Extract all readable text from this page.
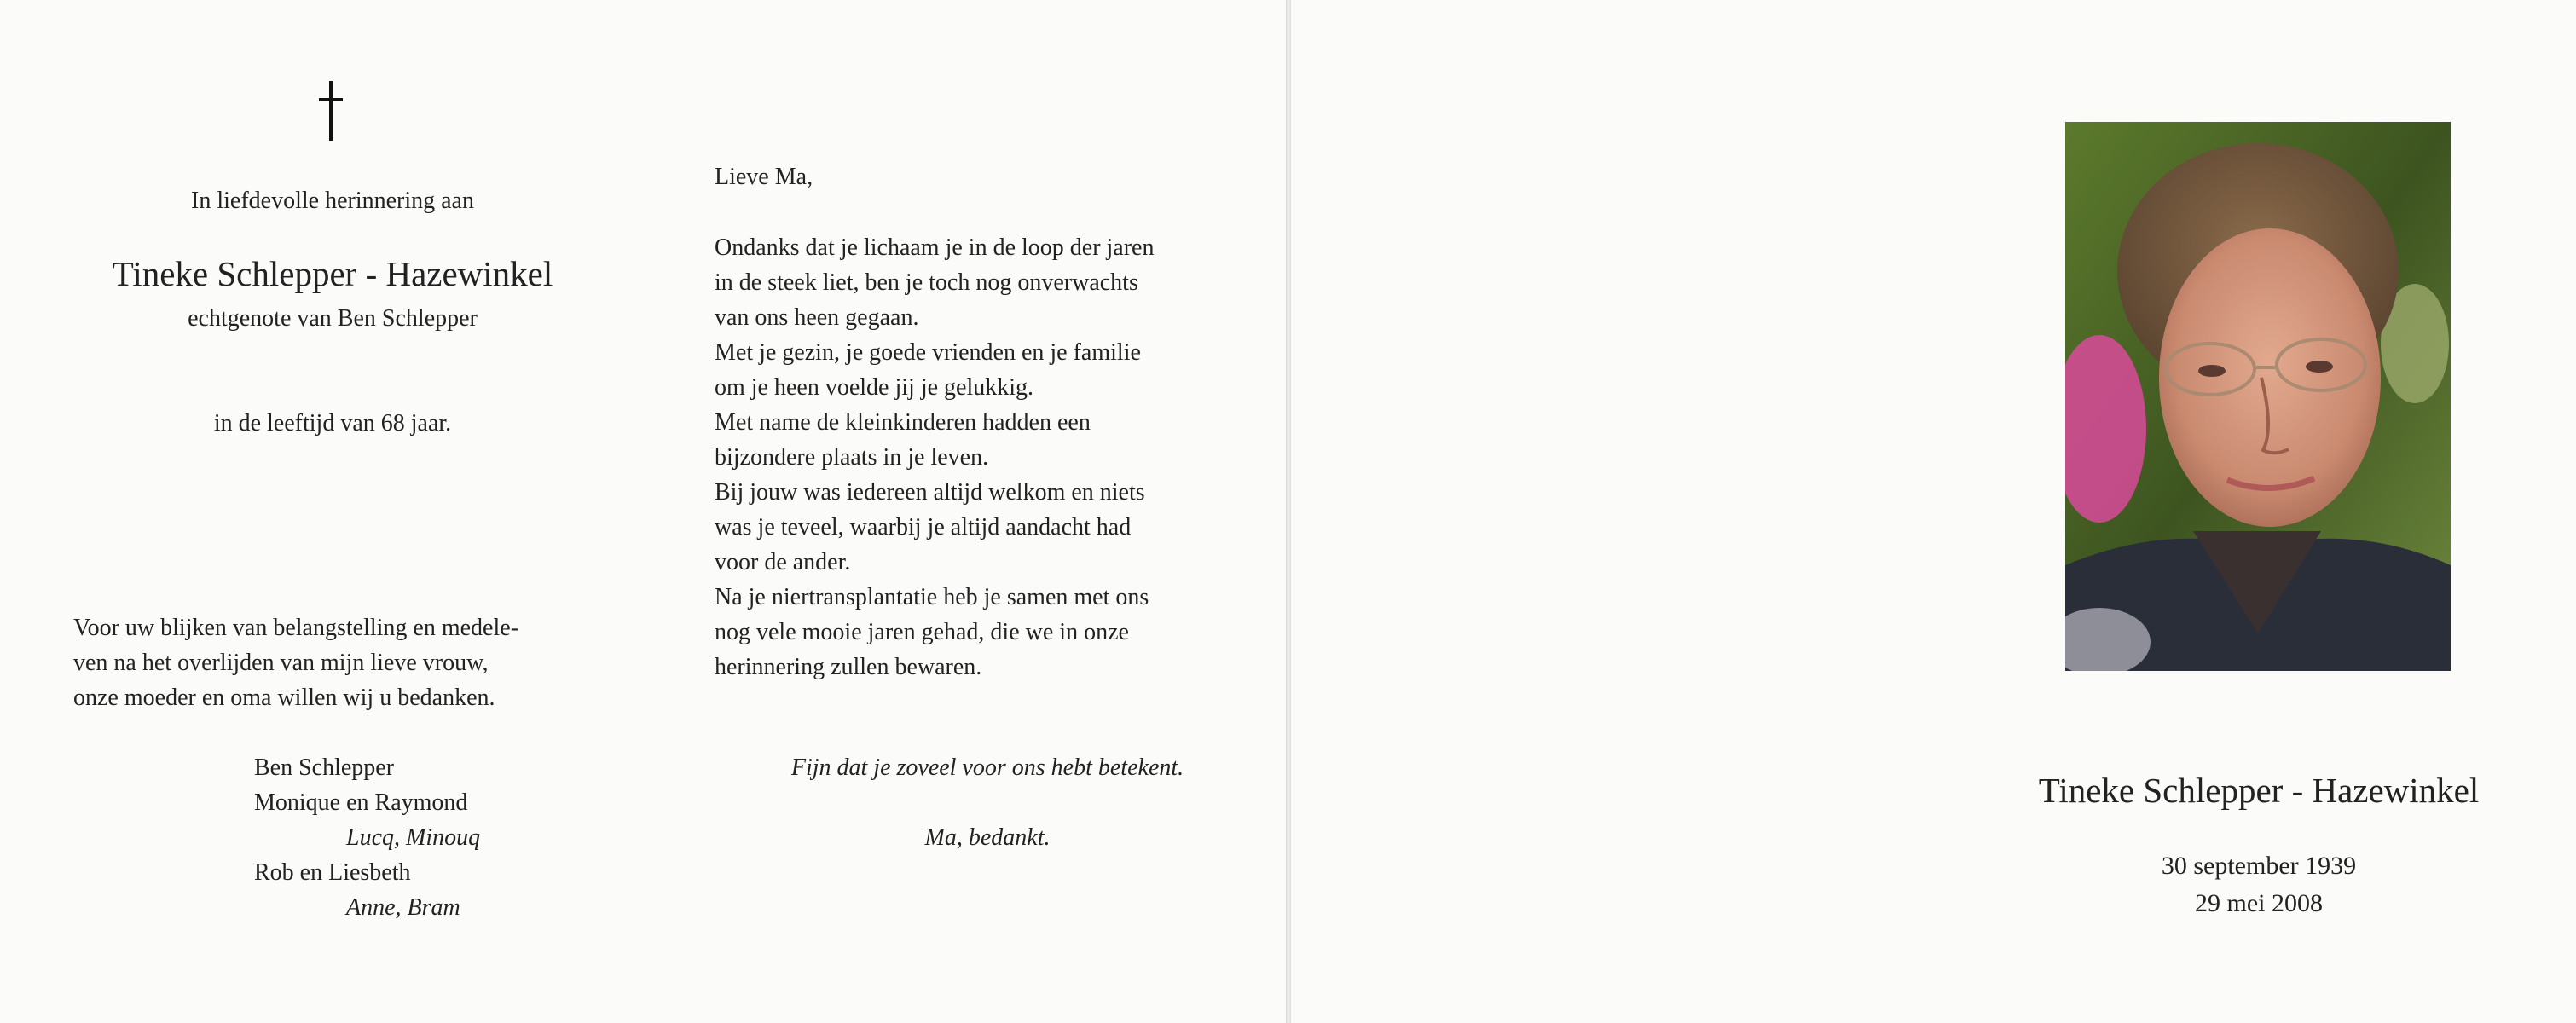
In liefdevolle herinnering aan
Tineke Schlepper - Hazewinkel
echtgenote van Ben Schlepper
in de leeftijd van 68 jaar.

Voor uw blijken van belangstelling en medele-

ven na het overlijden van mijn lieve vrouw,

onze moeder en oma willen wij u bedanken.

Ben Schlepper
Monique en Raymond
Lucq, Minouq
Rob en Liesbeth
Anne, Bram
Lieve Ma,

Ondanks dat je lichaam je in de loop der jaren

in de steek liet, ben je toch nog onverwachts

van ons heen gegaan.

Met je gezin, je goede vrienden en je familie

om je heen voelde jij je gelukkig.

Met name de kleinkinderen hadden een

bijzondere plaats in je leven.

Bij jouw was iedereen altijd welkom en niets

was je teveel, waarbij je altijd aandacht had

voor de ander.

Na je niertransplantatie heb je samen met ons

nog vele mooie jaren gehad, die we in onze

herinnering zullen bewaren.

Fijn dat je zoveel voor ons hebt betekent.
Ma, bedankt.
Tineke Schlepper - Hazewinkel
30 september 1939
29 mei 2008
